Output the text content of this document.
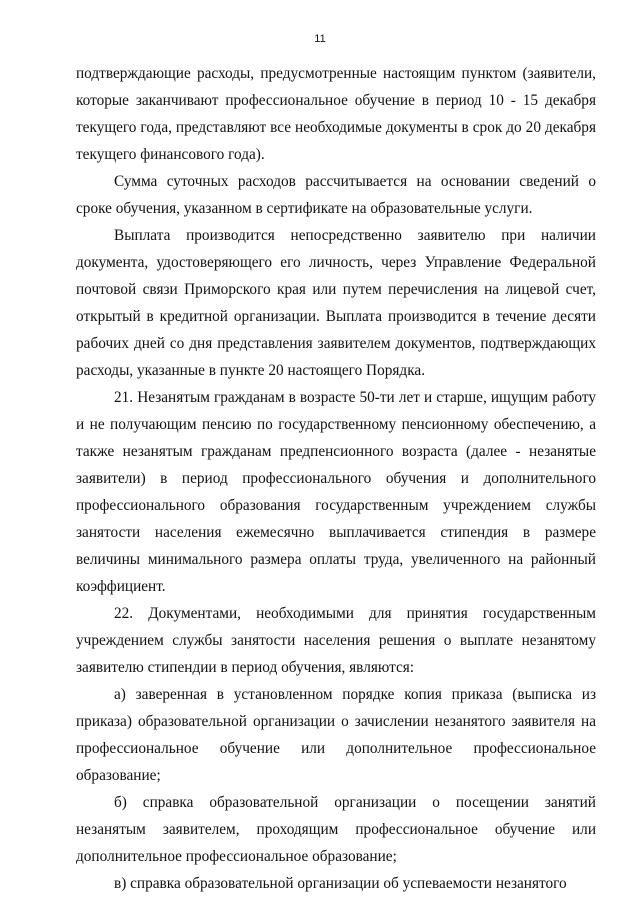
11

подтверждающие расходы, предусмотренные настоящим пунктом (заявители, которые заканчивают профессиональное обучение в период 10 - 15 декабря текущего года, представляют все необходимые документы в срок до 20 декабря текущего финансового года).

Сумма суточных расходов рассчитывается на основании сведений о сроке обучения, указанном в сертификате на образовательные услуги.

Выплата производится непосредственно заявителю при наличии документа, удостоверяющего его личность, через Управление Федеральной почтовой связи Приморского края или путем перечисления на лицевой счет, открытый в кредитной организации. Выплата производится в течение десяти рабочих дней со дня представления заявителем документов, подтверждающих расходы, указанные в пункте 20 настоящего Порядка.

21. Незанятым гражданам в возрасте 50-ти лет и старше, ищущим работу и не получающим пенсию по государственному пенсионному обеспечению, а также незанятым гражданам предпенсионного возраста (далее - незанятые заявители) в период профессионального обучения и дополнительного профессионального образования государственным учреждением службы занятости населения ежемесячно выплачивается стипендия в размере величины минимального размера оплаты труда, увеличенного на районный коэффициент.

22. Документами, необходимыми для принятия государственным учреждением службы занятости населения решения о выплате незанятому заявителю стипендии в период обучения, являются:

а) заверенная в установленном порядке копия приказа (выписка из приказа) образовательной организации о зачислении незанятого заявителя на профессиональное обучение или дополнительное профессиональное образование;

б) справка образовательной организации о посещении занятий незанятым заявителем, проходящим профессиональное обучение или дополнительное профессиональное образование;

в) справка образовательной организации об успеваемости незанятого
